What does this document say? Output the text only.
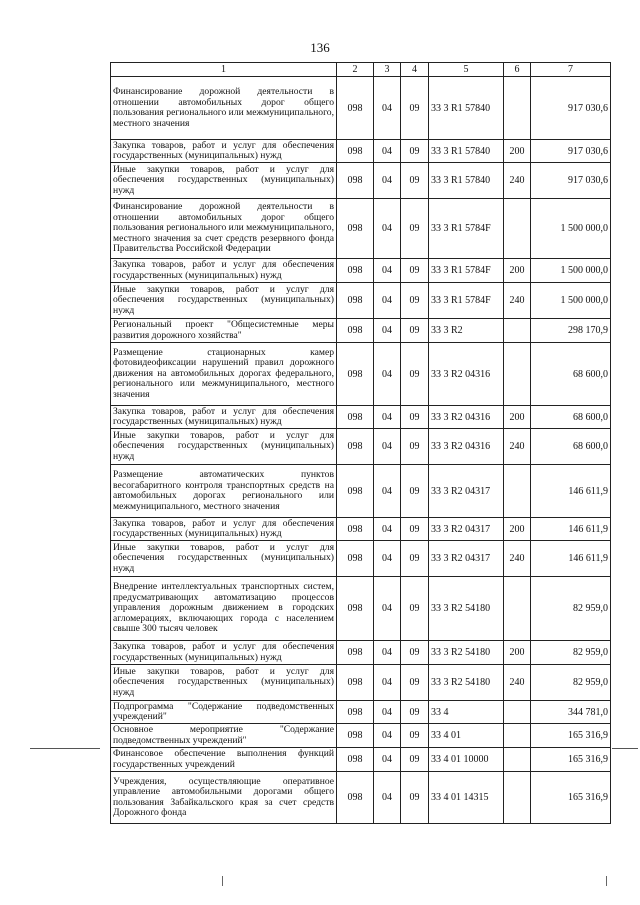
136
1	2	3	4	5	6	7
Финансирование дорожной деятельности в отношении автомобильных дорог общего пользования регионального или межмуниципального, местного значения	098	04	09	33 3 R1 57840		917 030,6
Закупка товаров, работ и услуг для обеспечения государственных (муниципальных) нужд	098	04	09	33 3 R1 57840	200	917 030,6
Иные закупки товаров, работ и услуг для обеспечения государственных (муниципальных) нужд	098	04	09	33 3 R1 57840	240	917 030,6
Финансирование дорожной деятельности в отношении автомобильных дорог общего пользования регионального или межмуниципального, местного значения за счет средств резервного фонда Правительства Российской Федерации	098	04	09	33 3 R1 5784F		1 500 000,0
Закупка товаров, работ и услуг для обеспечения государственных (муниципальных) нужд	098	04	09	33 3 R1 5784F	200	1 500 000,0
Иные закупки товаров, работ и услуг для обеспечения государственных (муниципальных) нужд	098	04	09	33 3 R1 5784F	240	1 500 000,0
Региональный проект "Общесистемные меры развития дорожного хозяйства"	098	04	09	33 3 R2		298 170,9
Размещение стационарных камер фотовидеофиксации нарушений правил дорожного движения на автомобильных дорогах федерального, регионального или межмуниципального, местного значения	098	04	09	33 3 R2 04316		68 600,0
Закупка товаров, работ и услуг для обеспечения государственных (муниципальных) нужд	098	04	09	33 3 R2 04316	200	68 600,0
Иные закупки товаров, работ и услуг для обеспечения государственных (муниципальных) нужд	098	04	09	33 3 R2 04316	240	68 600,0
Размещение автоматических пунктов весогабаритного контроля транспортных средств на автомобильных дорогах регионального или межмуниципального, местного значения	098	04	09	33 3 R2 04317		146 611,9
Закупка товаров, работ и услуг для обеспечения государственных (муниципальных) нужд	098	04	09	33 3 R2 04317	200	146 611,9
Иные закупки товаров, работ и услуг для обеспечения государственных (муниципальных) нужд	098	04	09	33 3 R2 04317	240	146 611,9
Внедрение интеллектуальных транспортных систем, предусматривающих автоматизацию процессов управления дорожным движением в городских агломерациях, включающих города с населением свыше 300 тысяч человек	098	04	09	33 3 R2 54180		82 959,0
Закупка товаров, работ и услуг для обеспечения государственных (муниципальных) нужд	098	04	09	33 3 R2 54180	200	82 959,0
Иные закупки товаров, работ и услуг для обеспечения государственных (муниципальных) нужд	098	04	09	33 3 R2 54180	240	82 959,0
Подпрограмма "Содержание подведомственных учреждений"	098	04	09	33 4		344 781,0
Основное мероприятие "Содержание подведомственных учреждений"	098	04	09	33 4 01		165 316,9
Финансовое обеспечение выполнения функций государственных учреждений	098	04	09	33 4 01 10000		165 316,9
Учреждения, осуществляющие оперативное управление автомобильными дорогами общего пользования Забайкальского края за счет средств Дорожного фонда	098	04	09	33 4 01 14315		165 316,9
